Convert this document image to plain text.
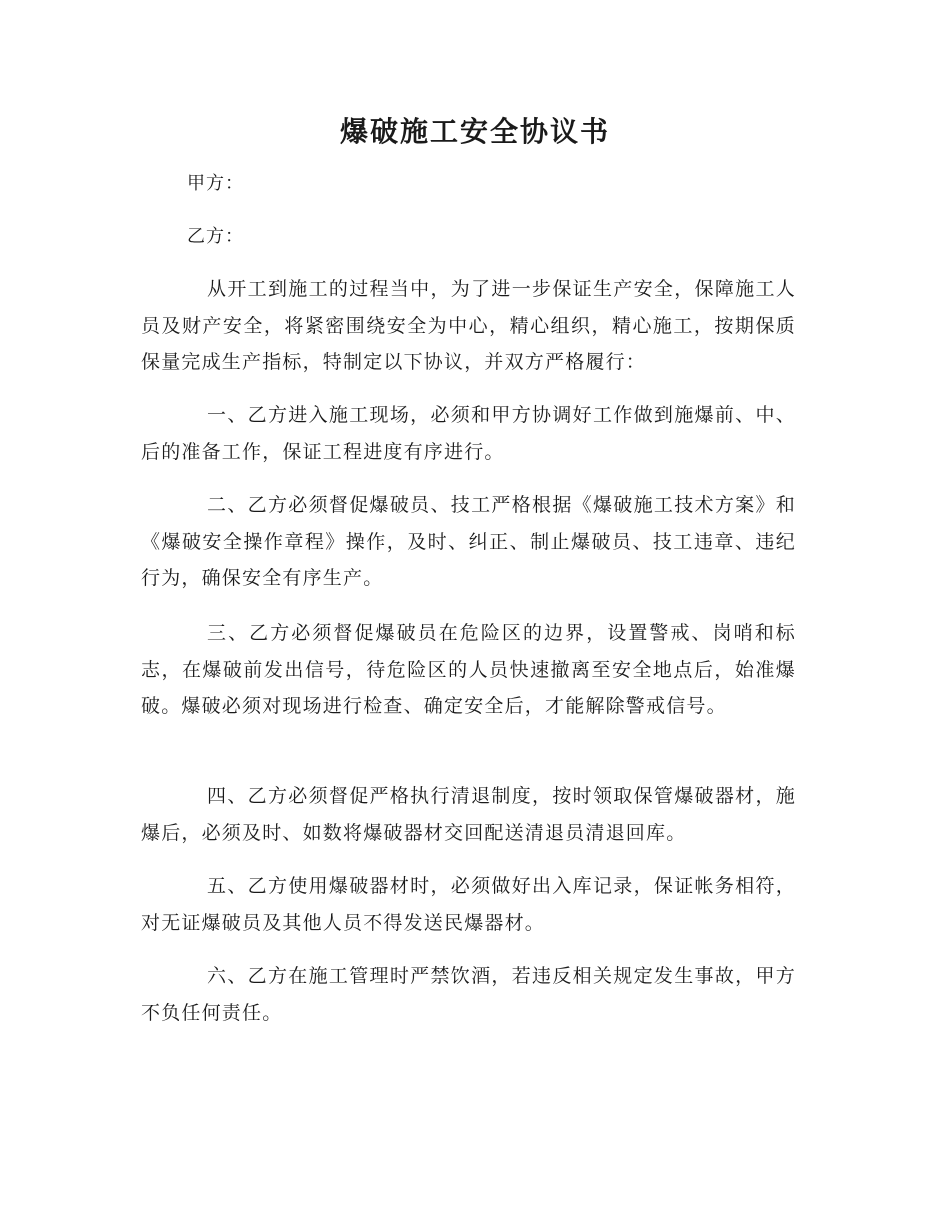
爆破施工安全协议书

甲方：

乙方：

从开工到施工的过程当中，为了进一步保证生产安全，保障施工人员及财产安全，将紧密围绕安全为中心，精心组织，精心施工，按期保质保量完成生产指标，特制定以下协议，并双方严格履行：

一、乙方进入施工现场，必须和甲方协调好工作做到施爆前、中、后的准备工作，保证工程进度有序进行。

二、乙方必须督促爆破员、技工严格根据《爆破施工技术方案》和《爆破安全操作章程》操作，及时、纠正、制止爆破员、技工违章、违纪行为，确保安全有序生产。

三、乙方必须督促爆破员在危险区的边界，设置警戒、岗哨和标志，在爆破前发出信号，待危险区的人员快速撤离至安全地点后，始准爆破。爆破必须对现场进行检查、确定安全后，才能解除警戒信号。

四、乙方必须督促严格执行清退制度，按时领取保管爆破器材，施爆后，必须及时、如数将爆破器材交回配送清退员清退回库。

五、乙方使用爆破器材时，必须做好出入库记录，保证帐务相符，对无证爆破员及其他人员不得发送民爆器材。

六、乙方在施工管理时严禁饮酒，若违反相关规定发生事故，甲方不负任何责任。
